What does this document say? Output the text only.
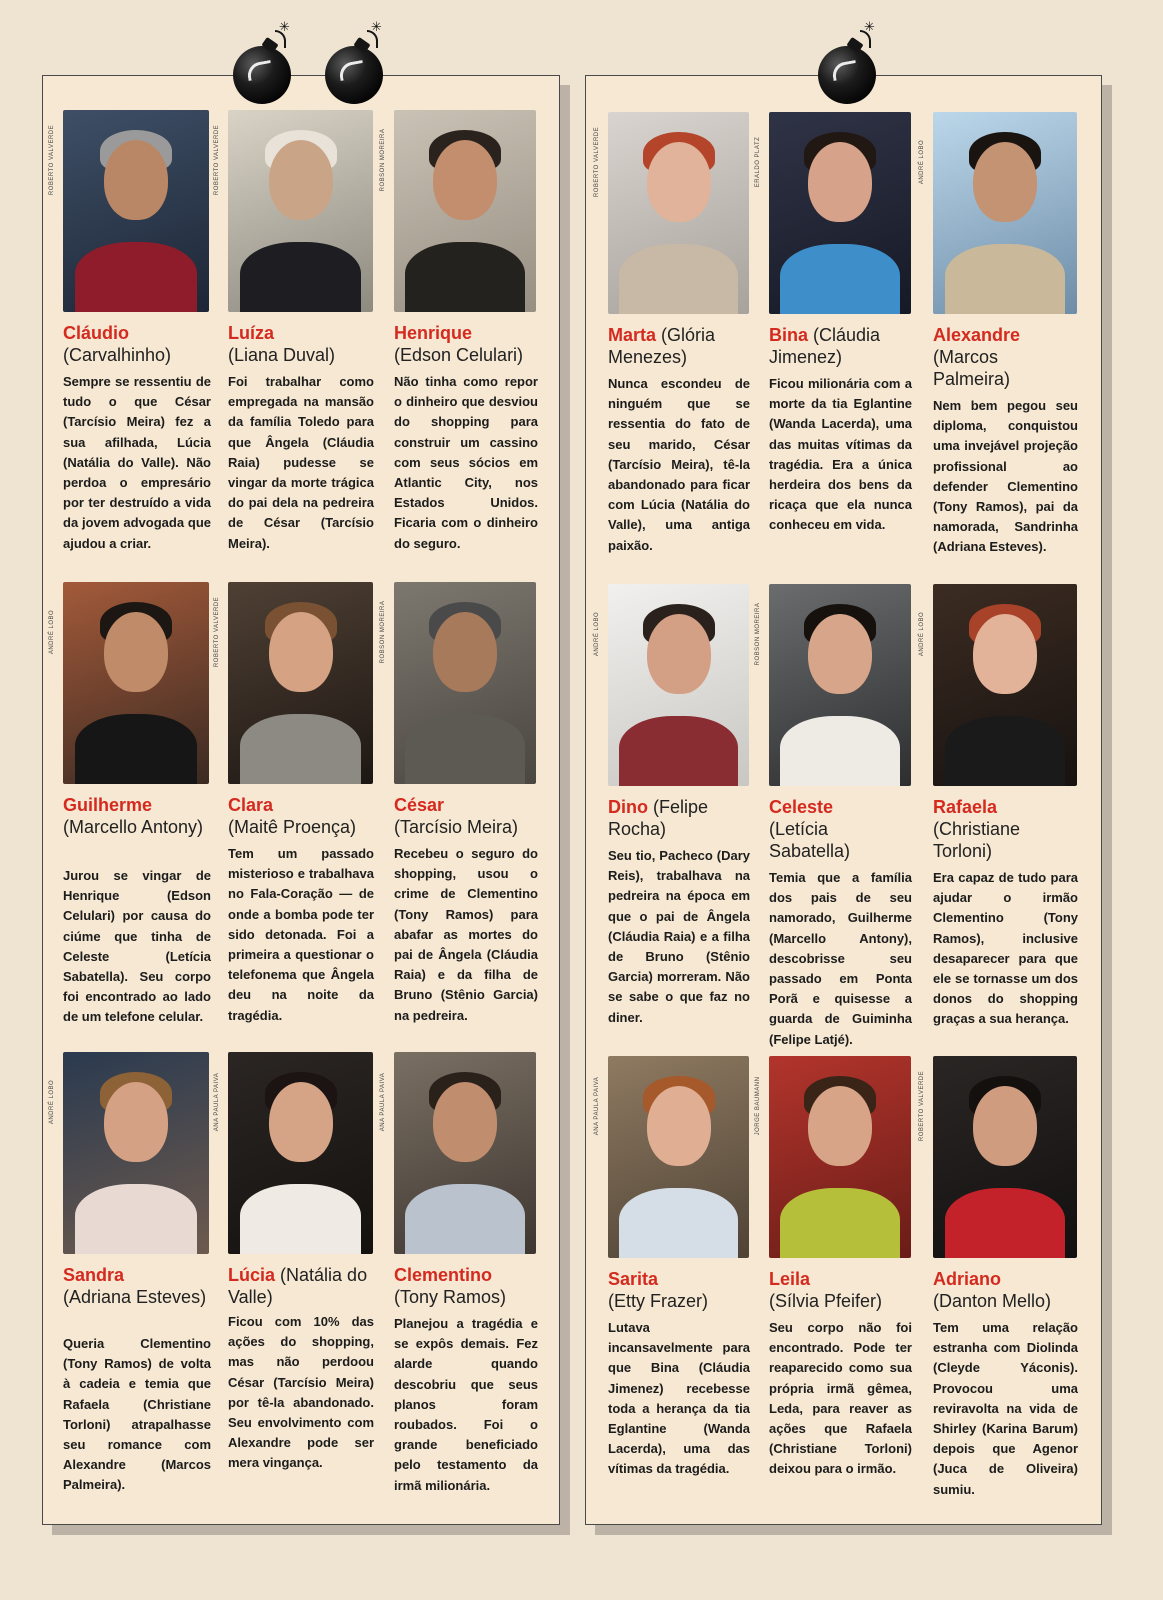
✳	✳	✳
ROBERTO VALVERDE
Cláudio
(Carvalhinho)
Sempre se ressentiu de tudo o que César (Tarcísio Meira) fez a sua afilhada, Lúcia (Natália do Valle). Não perdoa o empresário por ter destruído a vida da jovem advogada que ajudou a criar.
ROBERTO VALVERDE
Luíza
(Liana Duval)
Foi trabalhar como empregada na mansão da família Toledo para que Ângela (Cláudia Raia) pudesse se vingar da morte trágica do pai dela na pedreira de César (Tarcísio Meira).
ROBSON MOREIRA
Henrique
(Edson Celulari)
Não tinha como repor o dinheiro que desviou do shopping para construir um cassino com seus sócios em Atlantic City, nos Estados Unidos. Ficaria com o dinheiro do seguro.
ANDRÉ LOBO
Guilherme
(Marcello Antony)
Jurou se vingar de Henrique (Edson Celulari) por causa do ciúme que tinha de Celeste (Letícia Sabatella). Seu corpo foi encontrado ao lado de um telefone celular.
ROBERTO VALVERDE
Clara
(Maitê Proença)
Tem um passado misterioso e trabalhava no Fala-Coração — de onde a bomba pode ter sido detonada. Foi a primeira a questionar o telefonema que Ângela deu na noite da tragédia.
ROBSON MOREIRA
César
(Tarcísio Meira)
Recebeu o seguro do shopping, usou o crime de Clementino (Tony Ramos) para abafar as mortes do pai de Ângela (Cláudia Raia) e da filha de Bruno (Stênio Garcia) na pedreira.
ANDRÉ LOBO
Sandra
(Adriana Esteves)
Queria Clementino (Tony Ramos) de volta à cadeia e temia que Rafaela (Christiane Torloni) atrapalhasse seu romance com Alexandre (Marcos Palmeira).
ANA PAULA PAIVA
Lúcia (Natália do Valle)
Ficou com 10% das ações do shopping, mas não perdoou César (Tarcísio Meira) por tê-la abandonado. Seu envolvimento com Alexandre pode ser mera vingança.
ANA PAULA PAIVA
Clementino
(Tony Ramos)
Planejou a tragédia e se expôs demais. Fez alarde quando descobriu que seus planos foram roubados. Foi o grande beneficiado pelo testamento da irmã milionária.
ROBERTO VALVERDE
Marta (Glória Menezes)
Nunca escondeu de ninguém que se ressentia do fato de seu marido, César (Tarcísio Meira), tê-la abandonado para ficar com Lúcia (Natália do Valle), uma antiga paixão.
ERALDO PLATZ
Bina (Cláudia Jimenez)
Ficou milionária com a morte da tia Eglantine (Wanda Lacerda), uma das muitas vítimas da tragédia. Era a única herdeira dos bens da ricaça que ela nunca conheceu em vida.
ANDRÉ LOBO
Alexandre
(Marcos Palmeira)
Nem bem pegou seu diploma, conquistou uma invejável projeção profissional ao defender Clementino (Tony Ramos), pai da namorada, Sandrinha (Adriana Esteves).
ANDRÉ LOBO
Dino (Felipe Rocha)
Seu tio, Pacheco (Dary Reis), trabalhava na pedreira na época em que o pai de Ângela (Cláudia Raia) e a filha de Bruno (Stênio Garcia) morreram. Não se sabe o que faz no diner.
ROBSON MOREIRA
Celeste
(Letícia Sabatella)
Temia que a família dos pais de seu namorado, Guilherme (Marcello Antony), descobrisse seu passado em Ponta Porã e quisesse a guarda de Guiminha (Felipe Latjé).
ANDRÉ LOBO
Rafaela
(Christiane Torloni)
Era capaz de tudo para ajudar o irmão Clementino (Tony Ramos), inclusive desaparecer para que ele se tornasse um dos donos do shopping graças a sua herança.
ANA PAULA PAIVA
Sarita
(Etty Frazer)
Lutava incansavelmente para que Bina (Cláudia Jimenez) recebesse toda a herança da tia Eglantine (Wanda Lacerda), uma das vítimas da tragédia.
JORGE BAUMANN
Leila
(Sílvia Pfeifer)
Seu corpo não foi encontrado. Pode ter reaparecido como sua própria irmã gêmea, Leda, para reaver as ações que Rafaela (Christiane Torloni) deixou para o irmão.
ROBERTO VALVERDE
Adriano
(Danton Mello)
Tem uma relação estranha com Diolinda (Cleyde Yáconis). Provocou uma reviravolta na vida de Shirley (Karina Barum) depois que Agenor (Juca de Oliveira) sumiu.
